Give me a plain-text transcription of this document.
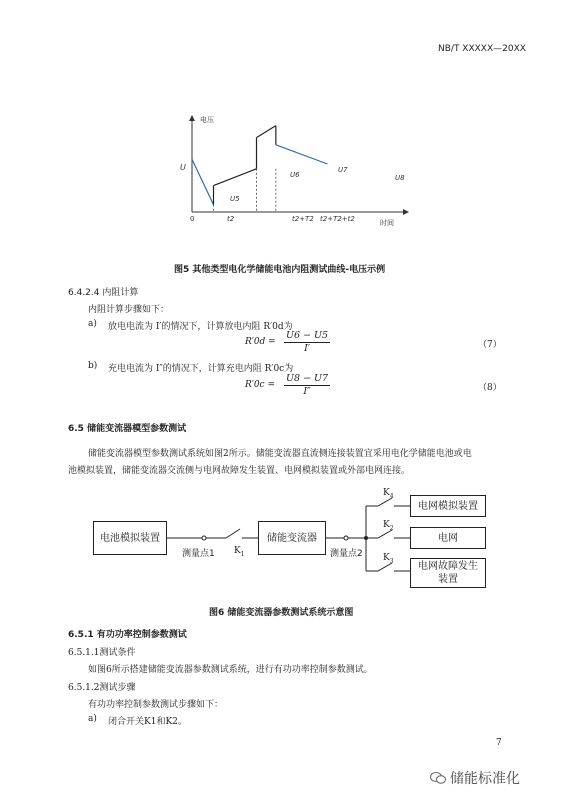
NB/T XXXXX—20XX
电压
U
时间
0	t2	t2+T2 t2+T2+t2
U5
U6
U7
U8
图5 其他类型电化学储能电池内阻测试曲线-电压示例
6.4.2.4 内阻计算
内阻计算步骤如下：
a) 放电电流为 I′的情况下，计算放电内阻 R′0d为
$R'0d = \frac{U6 - U5}{I'}$	（7）
b) 充电电流为 I″的情况下，计算充电内阻 R′0c为
$R'0c = \frac{U8 - U7}{I''}$	（8）
6.5 储能变流器模型参数测试
储能变流器模型参数测试系统如图2所示。储能变流器直流侧连接装置宜采用电化学储能电池或电
池模拟装置，储能变流器交流侧与电网故障发生装置、电网模拟装置或外部电网连接。
电池模拟装置
测量点1 $K_1$
储能变流器
测量点2
$K_4$
$K_2$
$K_3$
电网模拟装置
电网
电网故障发生
装置
图6 储能变流器参数测试系统示意图
6.5.1 有功功率控制参数测试
6.5.1.1测试条件
如图6所示搭建储能变流器参数测试系统，进行有功功率控制参数测试。
6.5.1.2测试步骤
有功功率控制参数测试步骤如下：
a) 闭合开关K1和K2。
7
储能标准化
